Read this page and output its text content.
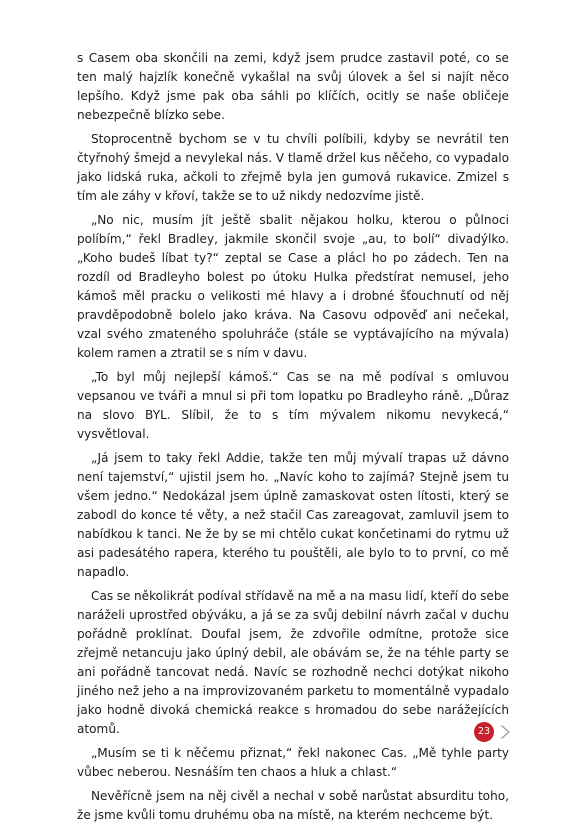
s Casem oba skončili na zemi, když jsem prudce zastavil poté, co se ten malý hajzlík konečně vykašlal na svůj úlovek a šel si najít něco lepšího. Když jsme pak oba sáhli po klíčích, ocitly se naše obličeje nebezpečně blízko sebe.

Stoprocentně bychom se v tu chvíli políbili, kdyby se nevrátil ten čtyřnohý šmejd a nevylekal nás. V tlamě držel kus něčeho, co vypadalo jako lidská ruka, ačkoli to zřejmě byla jen gumová rukavice. Zmizel s tím ale záhy v křoví, takže se to už nikdy nedozvíme jistě.

„No nic, musím jít ještě sbalit nějakou holku, kterou o půlnoci políbím,“ řekl Bradley, jakmile skončil svoje „au, to bolí“ divadýlko. „Koho budeš líbat ty?“ zeptal se Case a plácl ho po zádech. Ten na rozdíl od Bradleyho bolest po útoku Hulka předstírat nemusel, jeho kámoš měl pracku o velikosti mé hlavy a i drobné šťouchnutí od něj pravděpodobně bolelo jako kráva. Na Casovu odpověď ani nečekal, vzal svého zmateného spoluhráče (stále se vyptávajícího na mývala) kolem ramen a ztratil se s ním v davu.

„To byl můj nejlepší kámoš.“ Cas se na mě podíval s omluvou vepsanou ve tváři a mnul si při tom lopatku po Bradleyho ráně. „Důraz na slovo BYL. Slíbil, že to s tím mývalem nikomu nevykecá,“ vysvětloval.

„Já jsem to taky řekl Addie, takže ten můj mývalí trapas už dávno není tajemství,“ ujistil jsem ho. „Navíc koho to zajímá? Stejně jsem tu všem jedno.“ Nedokázal jsem úplně zamaskovat osten lítosti, který se zabodl do konce té věty, a než stačil Cas zareagovat, zamluvil jsem to nabídkou k tanci. Ne že by se mi chtělo cukat končetinami do rytmu už asi padesátého rapera, kterého tu pouštěli, ale bylo to to první, co mě napadlo.

Cas se několikrát podíval střídavě na mě a na masu lidí, kteří do sebe naráželi uprostřed obýváku, a já se za svůj debilní návrh začal v duchu pořádně proklínat. Doufal jsem, že zdvořile odmítne, protože sice zřejmě netancuju jako úplný debil, ale obávám se, že na téhle party se ani pořádně tancovat nedá. Navíc se rozhodně nechci dotýkat nikoho jiného než jeho a na improvizovaném parketu to momentálně vypadalo jako hodně divoká chemická reakce s hromadou do sebe narážejících atomů.

„Musím se ti k něčemu přiznat,“ řekl nakonec Cas. „Mě tyhle party vůbec neberou. Nesnáším ten chaos a hluk a chlast.“

Nevěřícně jsem na něj civěl a nechal v sobě narůstat absurditu toho, že jsme kvůli tomu druhému oba na místě, na kterém nechceme být.

23
